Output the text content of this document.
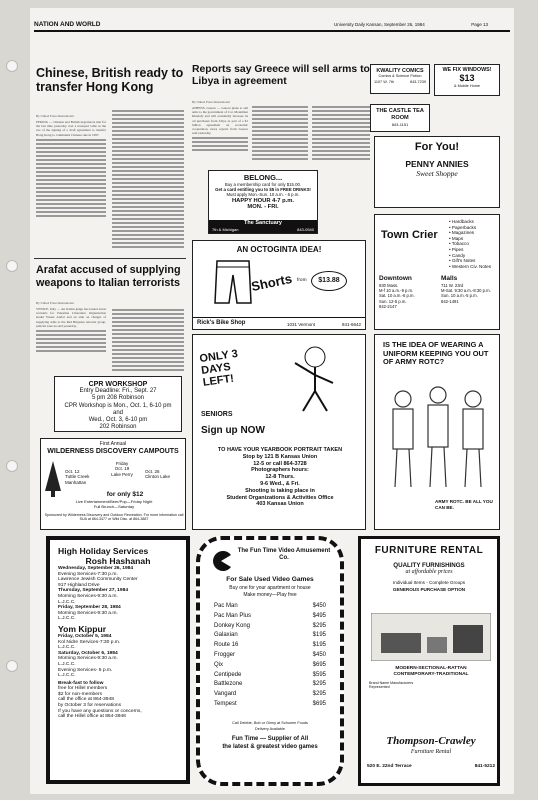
NATION AND WORLD	University Daily Kansan, September 26, 1984	Page 13
Chinese, British ready to transfer Hong Kong
By United Press International
PEKING — Chinese and British negotiators met for the last time yesterday over a transpact table as the eve of the signing of a draft agreement to transfer Hong Kong to communist Chinese rule in 1997.
Arafat accused of supplying weapons to Italian terrorists
By United Press International
VENICE, Italy — An Italian judge has issued arrest warrants for Palestine Liberation Organization leader Yasser Arafat and an aide on charges of supplying arms to the Red Brigades terrorist group, judicial sources said yesterday.
CPR WORKSHOP
Entry Deadline: Fri., Sept. 27
5 pm 208 Robinson
CPR Workshop is Mon., Oct. 1, 6-10 pm
and
Wed., Oct. 3, 6-10 pm
202 Robinson
First Annual
WILDERNESS DISCOVERY CAMPOUTS
Oct. 12
Tuttle Creek
Manhattan
Friday
Oct. 19
Lake Perry
Oct. 26
Clinton Lake
for only $12
Live Entertainment/Beer/Pop—Friday Night
Full Brunch—Saturday
Sponsored by Wilderness Discovery and Outdoor Recreation. For more information call SUA at 864-3477 or Wild Disc. at 864-3887
High Holiday Services
Rosh Hashanah
Wednesday, September 26, 1984
Evening Services-7:30 p.m.
Lawrence Jewish Community Center
917 Highland Drive
Thursday, September 27, 1984
Morning Services-9:30 a.m.
L.J.C.C.
Friday, September 28, 1984
Morning Services-9:30 a.m.
L.J.C.C.
Yom Kippur
Friday, October 5, 1984
Kol Nidre Services-7:30 p.m.
L.J.C.C.
Saturday, October 6, 1984
Morning Services-9:30 a.m.
L.J.C.C.
Evening Services- 5 p.m.
L.J.C.C.
Break-fast to follow
free for Hillel members
$2 for non-members
call the office at 864-3948
by October 3 for reservations
If you have any questions or concerns,
call the Hillel office at 864-3948
Reports say Greece will sell arms to Libya in agreement
By United Press International
ATHENS, Greece — Greece plans to sell arms to the government of Col. Moammar Khadafy and will eventually increase its oil purchases from Libya as part of a $1 billion agreement on economic cooperation, news reports from Greece said yesterday.
BELONG...
Buy a membership card for only $15.00.
Get a card entitling you to $5 in FREE DRINKS!
Must apply Mon.-Sun. 10 a.m. - 6 p.m.
HAPPY HOUR 4-7 p.m.
MON. - FRI.
The Sanctuary
7th & Michigan	843-0540
AN OCTOGINTA IDEA!
Shorts from	$13.88
Rick's Bike Shop	1031 Vermont	841-6642
ONLY 3 DAYS LEFT!
SENIORS
Sign up NOW
TO HAVE YOUR YEARBOOK PORTRAIT TAKEN
Stop by 121 B Kansas Union
12-5 or call 864-3728
Photographers hours:
12-8 Thurs.
9-6 Wed., & Fri.
Shooting is taking place in
Student Organizations & Activities Office
403 Kansas Union
The Fun Time Video Amusement Co.
For Sale Used Video Games
Buy one for your apartment or house
Make money—Play free
Pac Man	$450
Pac Man Plus	$495
Donkey Kong	$295
Galaxian	$195
Route 16	$195
Frogger	$450
Qix	$695
Centipede	$595
Battlezone	$295
Vangard	$295
Tempest	$695
Call Debbie, Bob or Ginny at Schumm Foods
Delivery Available
Fun Time — Supplier of All
the latest & greatest video games
KWALITY COMICS
Comics & Science Fiction
1107 W. 7th	843-7239
WE FIX WINDOWS!
$13
& Mobile Home
THE CASTLE TEA ROOM
843-1151
For You!
PENNY ANNIES
Sweet Shoppe
Town Crier
• Hardbacks
• Paperbacks
• Magazines
• Maps
• Tobacco
• Pipes
• Candy
• Gift's Notes
• Western Civ. Notes
Downtown
930 Mass.
M-f 10 a.m.-9 p.m.
Sat. 10 a.m.-6 p.m.
Sun. 12-5 p.m.
842-2147
Malls
711 W. 23rd
M-Sat. 9:30 a.m.-8:30 p.m.
Sun. 10 a.m.-5 p.m.
842-1491
IS THE IDEA OF WEARING A UNIFORM KEEPING YOU OUT OF ARMY ROTC?
ARMY ROTC. BE ALL YOU CAN BE.
FURNITURE RENTAL
QUALITY FURNISHINGS
at affordable prices
Individual Items - Complete Groups
GENEROUS PURCHASE OPTION
MODERN-SECTIONAL-RATTAN
CONTEMPORARY-TRADITIONAL
Brand Name Manufacturers Represented
Thompson-Crawley
Furniture Rental
520 E. 22nd Terrace	841-5212
